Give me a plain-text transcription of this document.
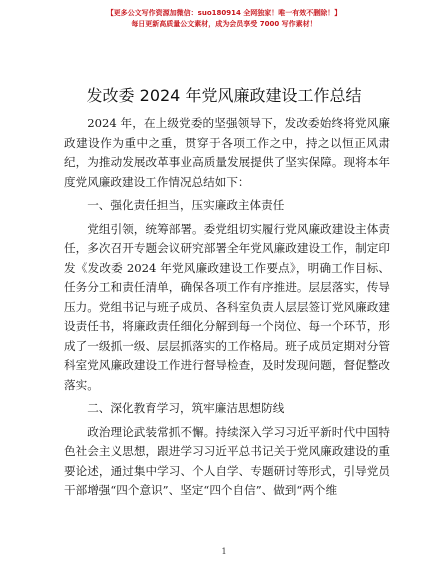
【更多公文写作资源加微信：suo180914 全网独家！唯一有效不删除！】
每日更新高质量公文素材，成为会员享受 7000 写作素材！
发改委 2024 年党风廉政建设工作总结

2024 年，在上级党委的坚强领导下，发改委始终将党风廉政建设作为重中之重，贯穿于各项工作之中，持之以恒正风肃纪，为推动发展改革事业高质量发展提供了坚实保障。现将本年度党风廉政建设工作情况总结如下：

一、强化责任担当，压实廉政主体责任

党组引领，统筹部署。委党组切实履行党风廉政建设主体责任，多次召开专题会议研究部署全年党风廉政建设工作，制定印发《发改委 2024 年党风廉政建设工作要点》，明确工作目标、任务分工和责任清单，确保各项工作有序推进。层层落实，传导压力。党组书记与班子成员、各科室负责人层层签订党风廉政建设责任书，将廉政责任细化分解到每一个岗位、每一个环节，形成了一级抓一级、层层抓落实的工作格局。班子成员定期对分管科室党风廉政建设工作进行督导检查，及时发现问题，督促整改落实。

二、深化教育学习，筑牢廉洁思想防线

政治理论武装常抓不懈。持续深入学习习近平新时代中国特色社会主义思想，跟进学习习近平总书记关于党风廉政建设的重要论述，通过集中学习、个人自学、专题研讨等形式，引导党员干部增强“四个意识”、坚定“四个自信”、做到“两个维

1
